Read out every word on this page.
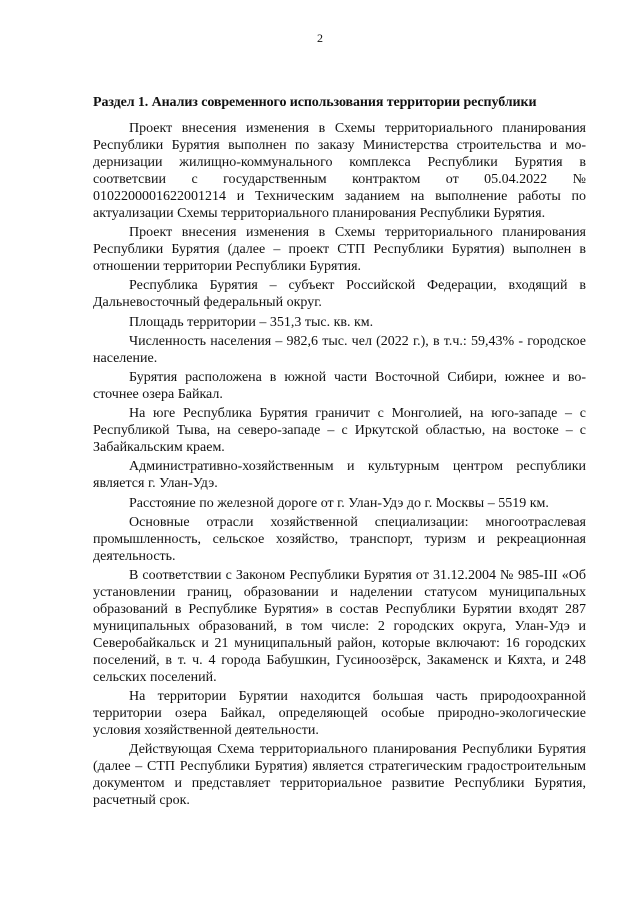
2
Раздел 1. Анализ современного использования территории республики

Проект внесения изменения в Схемы территориального планирования Республики Бурятия выполнен по заказу Министерства строительства и модернизации жилищно-коммунального комплекса Республики Бурятия в соответсвии с государственным контрактом от 05.04.2022 № 0102200001622001214 и Техническим заданием на выполнение работы по актуализации Схемы территориального планирования Республики Бурятия.

Проект внесения изменения в Схемы территориального планирования Республики Бурятия (далее – проект СТП Республики Бурятия) выполнен в отношении территории Республики Бурятия.

Республика Бурятия – субъект Российской Федерации, входящий в Дальневосточный федеральный округ.

Площадь территории – 351,3 тыс. кв. км.

Численность населения – 982,6 тыс. чел (2022 г.), в т.ч.: 59,43% - городское население.

Бурятия расположена в южной части Восточной Сибири, южнее и восточнее озера Байкал.

На юге Республика Бурятия граничит с Монголией, на юго-западе – с Республикой Тыва, на северо-западе – с Иркутской областью, на востоке – с Забайкальским краем.

Административно-хозяйственным и культурным центром республики является г. Улан-Удэ.

Расстояние по железной дороге от г. Улан-Удэ до г. Москвы – 5519 км.

Основные отрасли хозяйственной специализации: многоотраслевая промышленность, сельское хозяйство, транспорт, туризм и рекреационная деятельность.

В соответствии с Законом Республики Бурятия от 31.12.2004 № 985-III «Об установлении границ, образовании и наделении статусом муниципальных образований в Республике Бурятия» в состав Республики Бурятии входят 287 муниципальных образований, в том числе: 2 городских округа, Улан-Удэ и Северобайкальск и 21 муниципальный район, которые включают: 16 городских поселений, в т. ч. 4 города Бабушкин, Гусиноозёрск, Закаменск и Кяхта, и 248 сельских поселений.

На территории Бурятии находится большая часть природоохранной территории озера Байкал, определяющей особые природно-экологические условия хозяйственной деятельности.

Действующая Схема территориального планирования Республики Бурятия (далее – СТП Республики Бурятия) является стратегическим градостроительным документом и представляет территориальное развитие Республики Бурятия, расчетный срок.
